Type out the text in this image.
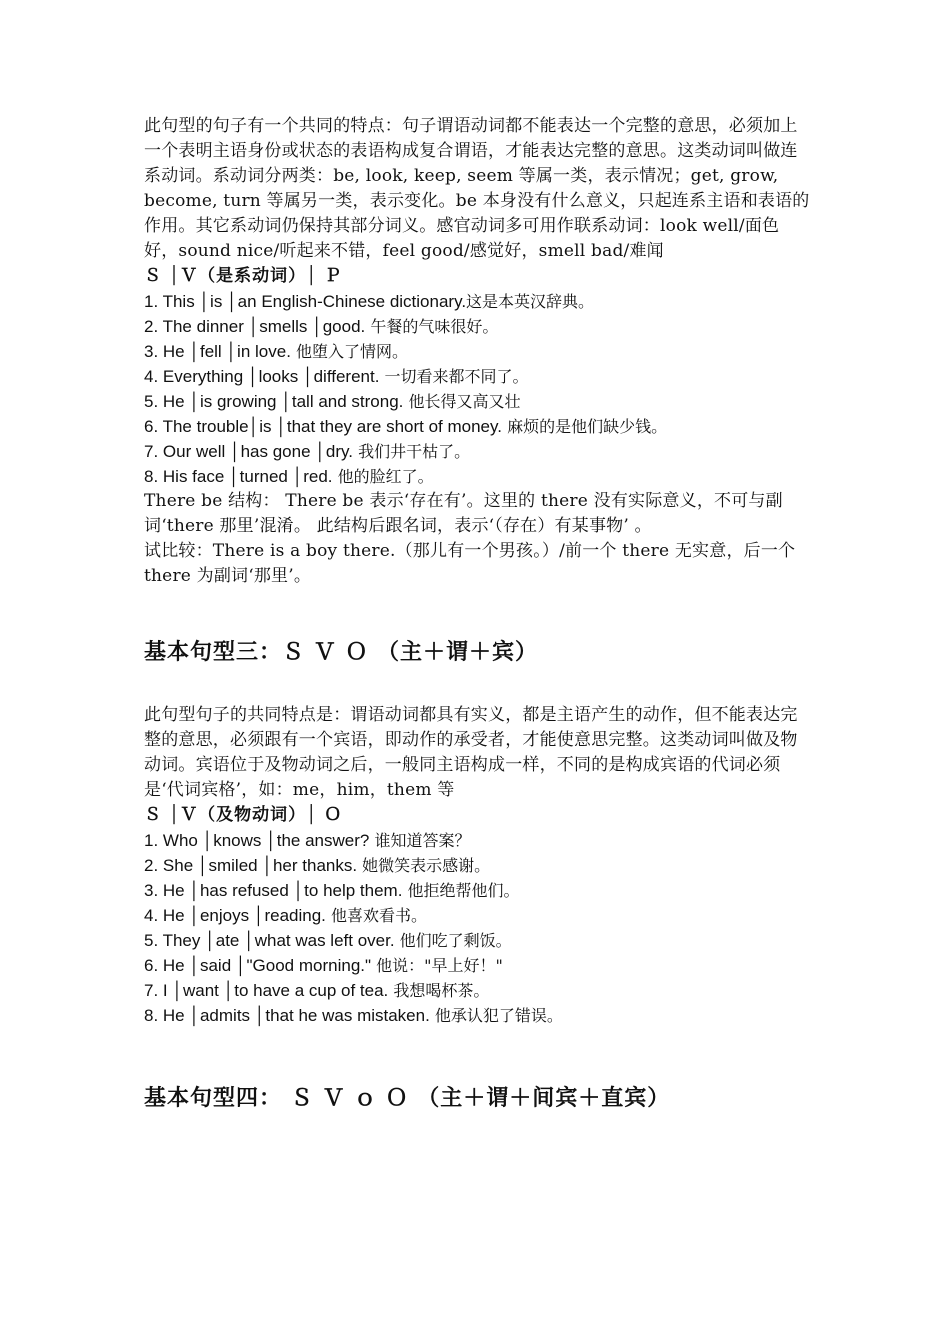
此句型的句子有一个共同的特点：句子谓语动词都不能表达一个完整的意思，必须加上一个表明主语身份或状态的表语构成复合谓语，才能表达完整的意思。这类动词叫做连系动词。系动词分两类：be, look, keep, seem 等属一类，表示情况；get, grow, become, turn 等属另一类，表示变化。be 本身没有什么意义，只起连系主语和表语的作用。其它系动词仍保持其部分词义。感官动词多可用作联系动词：look well/面色好，sound nice/听起来不错，feel good/感觉好，smell bad/难闻

Ｓ │Ｖ（是系动词）│ Ｐ

1. This │is │an English-Chinese dictionary.这是本英汉辞典。

2. The dinner │smells │good. 午餐的气味很好。

3. He │fell │in love. 他堕入了情网。

4. Everything │looks │different. 一切看来都不同了。

5. He │is growing │tall and strong. 他长得又高又壮

6. The trouble│is │that they are short of money. 麻烦的是他们缺少钱。

7. Our well │has gone │dry. 我们井干枯了。

8. His face │turned │red. 他的脸红了。

There be 结构： There be 表示‘存在有’。这里的 there 没有实际意义，不可与副词‘there 那里’混淆。 此结构后跟名词，表示‘（存在）有某事物’ 。

试比较：There is a boy there.（那儿有一个男孩。）/前一个 there 无实意，后一个 there 为副词‘那里’。

基本句型三：Ｓ Ｖ Ｏ （主＋谓＋宾）

此句型句子的共同特点是：谓语动词都具有实义，都是主语产生的动作，但不能表达完整的意思，必须跟有一个宾语，即动作的承受者，才能使意思完整。这类动词叫做及物动词。宾语位于及物动词之后，一般同主语构成一样，不同的是构成宾语的代词必须是‘代词宾格’，如：me，him，them 等

Ｓ │Ｖ（及物动词）│ Ｏ

1. Who │knows │the answer? 谁知道答案？

2. She │smiled │her thanks. 她微笑表示感谢。

3. He │has refused │to help them. 他拒绝帮他们。

4. He │enjoys │reading. 他喜欢看书。

5. They │ate │what was left over. 他们吃了剩饭。

6. He │said │"Good morning." 他说："早上好！"

7. I │want │to have a cup of tea. 我想喝杯茶。

8. He │admits │that he was mistaken. 他承认犯了错误。

基本句型四： Ｓ Ｖ ｏ Ｏ （主＋谓＋间宾＋直宾）
